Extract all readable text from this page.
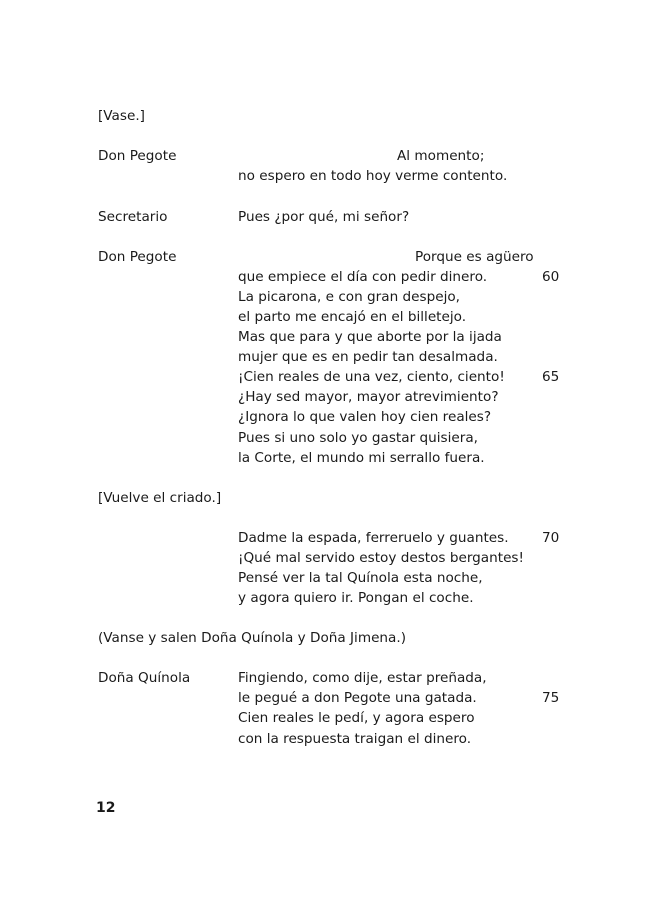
[Vase.]
Don Pegote	Al momento;
no espero en todo hoy verme contento.
Secretario	Pues ¿por qué, mi señor?
Don Pegote	Porque es agüero
que empiece el día con pedir dinero.	60
La picarona, e con gran despejo,
el parto me encajó en el billetejo.
Mas que para y que aborte por la ijada
mujer que es en pedir tan desalmada.
¡Cien reales de una vez, ciento, ciento!	65
¿Hay sed mayor, mayor atrevimiento?
¿Ignora lo que valen hoy cien reales?
Pues si uno solo yo gastar quisiera,
la Corte, el mundo mi serrallo fuera.
[Vuelve el criado.]
Dadme la espada, ferreruelo y guantes. 70
¡Qué mal servido estoy destos bergantes!
Pensé ver la tal Quínola esta noche,
y agora quiero ir. Pongan el coche.
(Vanse y salen Doña Quínola y Doña Jimena.)
Doña Quínola	Fingiendo, como dije, estar preñada,
le pegué a don Pegote una gatada.	75
Cien reales le pedí, y agora espero
con la respuesta traigan el dinero.
12
